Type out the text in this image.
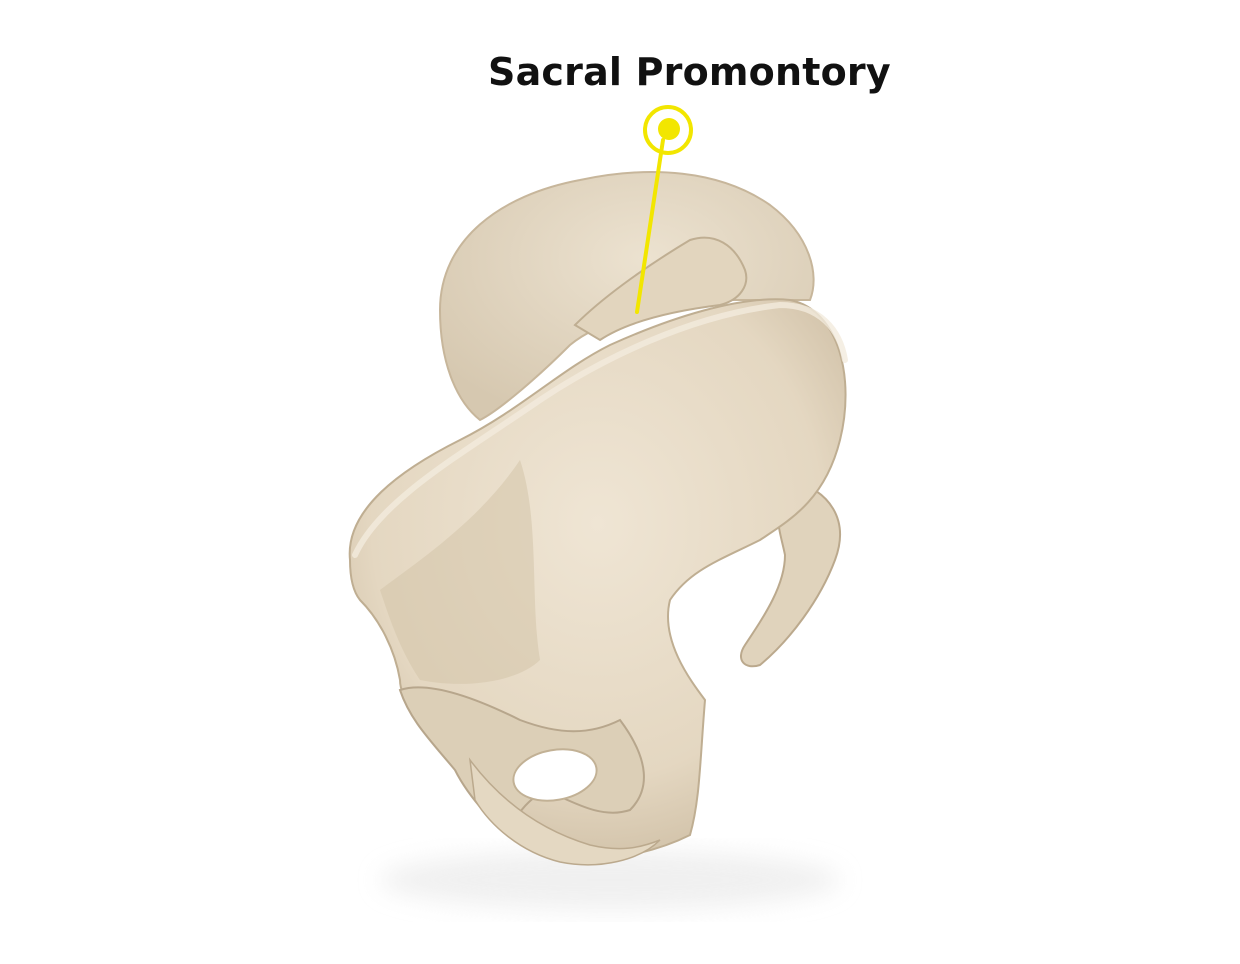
Sacral Promontory
